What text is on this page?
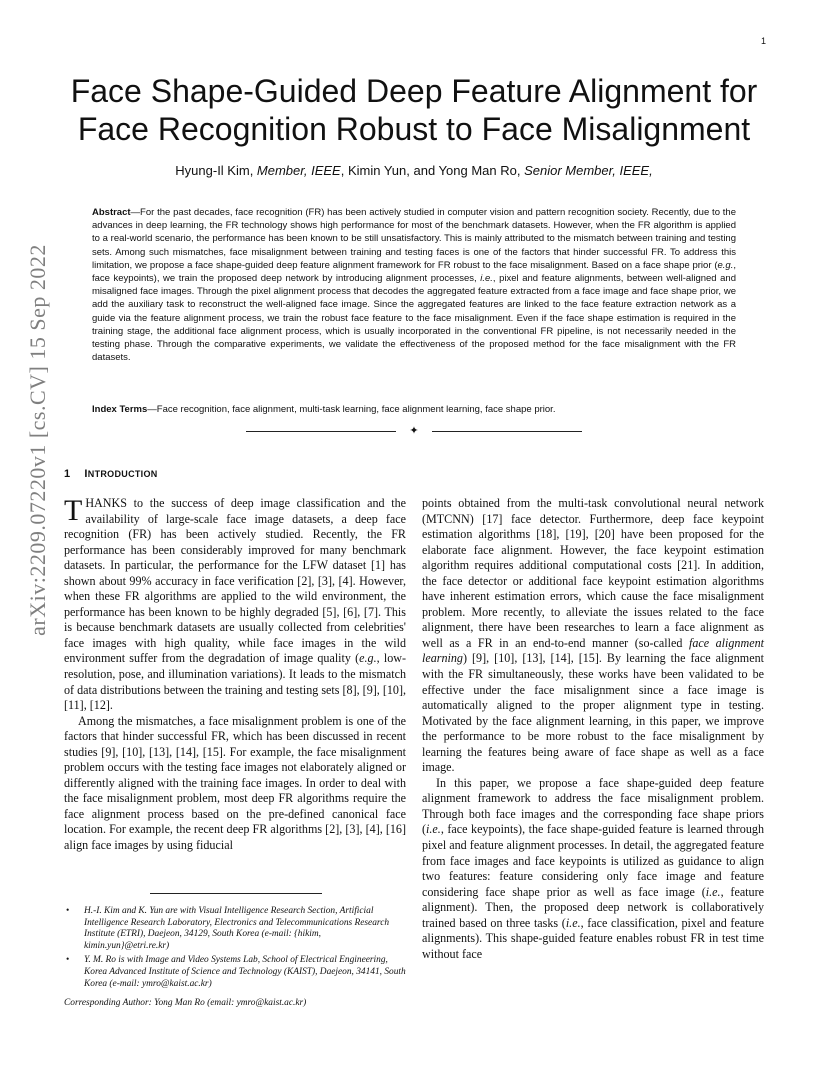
1
arXiv:2209.07220v1 [cs.CV] 15 Sep 2022
Face Shape-Guided Deep Feature Alignment for Face Recognition Robust to Face Misalignment
Hyung-Il Kim, Member, IEEE, Kimin Yun, and Yong Man Ro, Senior Member, IEEE,

Abstract—For the past decades, face recognition (FR) has been actively studied in computer vision and pattern recognition society. Recently, due to the advances in deep learning, the FR technology shows high performance for most of the benchmark datasets. However, when the FR algorithm is applied to a real-world scenario, the performance has been known to be still unsatisfactory. This is mainly attributed to the mismatch between training and testing sets. Among such mismatches, face misalignment between training and testing faces is one of the factors that hinder successful FR. To address this limitation, we propose a face shape-guided deep feature alignment framework for FR robust to the face misalignment. Based on a face shape prior (e.g., face keypoints), we train the proposed deep network by introducing alignment processes, i.e., pixel and feature alignments, between well-aligned and misaligned face images. Through the pixel alignment process that decodes the aggregated feature extracted from a face image and face shape prior, we add the auxiliary task to reconstruct the well-aligned face image. Since the aggregated features are linked to the face feature extraction network as a guide via the feature alignment process, we train the robust face feature to the face misalignment. Even if the face shape estimation is required in the training stage, the additional face alignment process, which is usually incorporated in the conventional FR pipeline, is not necessarily needed in the testing phase. Through the comparative experiments, we validate the effectiveness of the proposed method for the face misalignment with the FR datasets.

Index Terms—Face recognition, face alignment, multi-task learning, face alignment learning, face shape prior.

✦
1 INTRODUCTION

THANKS to the success of deep image classification and the availability of large-scale face image datasets, a deep face recognition (FR) has been actively studied. Recently, the FR performance has been considerably improved for many benchmark datasets. In particular, the performance for the LFW dataset [1] has shown about 99% accuracy in face verification [2], [3], [4]. However, when these FR algorithms are applied to the wild environment, the performance has been known to be highly degraded [5], [6], [7]. This is because benchmark datasets are usually collected from celebrities' face images with high quality, while face images in the wild environment suffer from the degradation of image quality (e.g., low-resolution, pose, and illumination variations). It leads to the mismatch of data distributions between the training and testing sets [8], [9], [10], [11], [12].

Among the mismatches, a face misalignment problem is one of the factors that hinder successful FR, which has been discussed in recent studies [9], [10], [13], [14], [15]. For example, the face misalignment problem occurs with the testing face images not elaborately aligned or differently aligned with the training face images. In order to deal with the face misalignment problem, most deep FR algorithms require the face alignment process based on the pre-defined canonical face location. For example, the recent deep FR algorithms [2], [3], [4], [16] align face images by using fiducial

• H.-I. Kim and K. Yun are with Visual Intelligence Research Section, Artificial Intelligence Research Laboratory, Electronics and Telecommunications Research Institute (ETRI), Daejeon, 34129, South Korea (e-mail: {hikim, kimin.yun}@etri.re.kr)
• Y. M. Ro is with Image and Video Systems Lab, School of Electrical Engineering, Korea Advanced Institute of Science and Technology (KAIST), Daejeon, 34141, South Korea (e-mail: ymro@kaist.ac.kr)
Corresponding Author: Yong Man Ro (email: ymro@kaist.ac.kr)

points obtained from the multi-task convolutional neural network (MTCNN) [17] face detector. Furthermore, deep face keypoint estimation algorithms [18], [19], [20] have been proposed for the elaborate face alignment. However, the face keypoint estimation algorithm requires additional computational costs [21]. In addition, the face detector or additional face keypoint estimation algorithms have inherent estimation errors, which cause the face misalignment problem. More recently, to alleviate the issues related to the face alignment, there have been researches to learn a face alignment as well as a FR in an end-to-end manner (so-called face alignment learning) [9], [10], [13], [14], [15]. By learning the face alignment with the FR simultaneously, these works have been validated to be effective under the face misalignment since a face image is automatically aligned to the proper alignment type in testing. Motivated by the face alignment learning, in this paper, we improve the performance to be more robust to the face misalignment by learning the features being aware of face shape as well as a face image.

In this paper, we propose a face shape-guided deep feature alignment framework to address the face misalignment problem. Through both face images and the corresponding face shape priors (i.e., face keypoints), the face shape-guided feature is learned through pixel and feature alignment processes. In detail, the aggregated feature from face images and face keypoints is utilized as guidance to align two features: feature considering only face image and feature considering face shape prior as well as face image (i.e., feature alignment). Then, the proposed deep network is collaboratively trained based on three tasks (i.e., face classification, pixel and feature alignments). This shape-guided feature enables robust FR in test time without face
